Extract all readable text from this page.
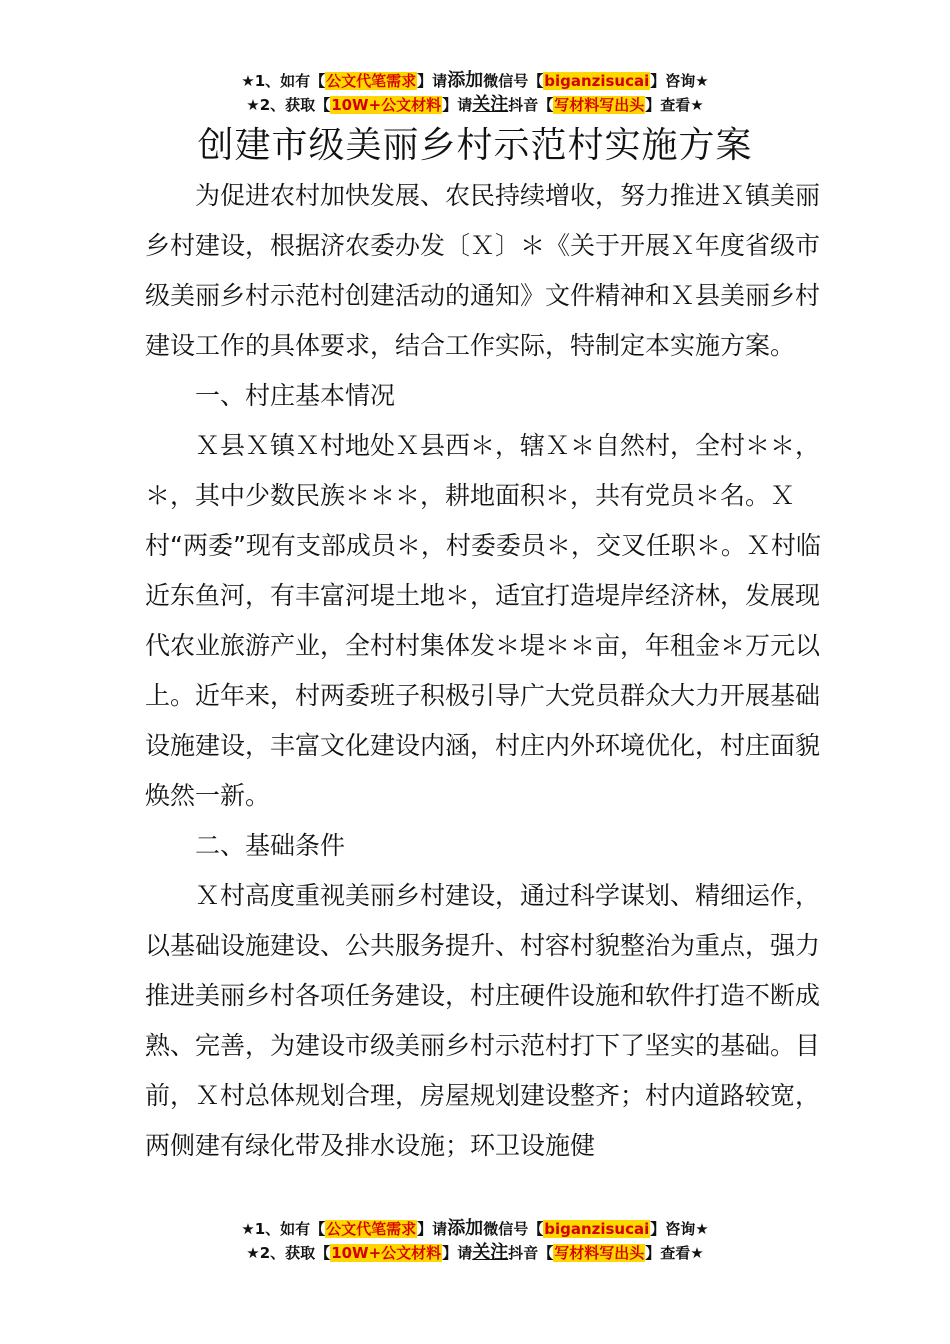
★1、如有【公文代笔需求】请添加微信号【biganzisucai】咨询★
★2、获取【10W+公文材料】请关注抖音【写材料写出头】查看★
创建市级美丽乡村示范村实施方案

为促进农村加快发展、农民持续增收，努力推进Ｘ镇美丽乡村建设，根据济农委办发〔Ｘ〕＊《关于开展Ｘ年度省级市级美丽乡村示范村创建活动的通知》文件精神和Ｘ县美丽乡村建设工作的具体要求，结合工作实际，特制定本实施方案。

一、村庄基本情况

Ｘ县Ｘ镇Ｘ村地处Ｘ县西＊，辖Ｘ＊自然村，全村＊＊，＊，其中少数民族＊＊＊，耕地面积＊，共有党员＊名。Ｘ村“两委”现有支部成员＊，村委委员＊，交叉任职＊。Ｘ村临近东鱼河，有丰富河堤土地＊，适宜打造堤岸经济林，发展现代农业旅游产业，全村村集体发＊堤＊＊亩，年租金＊万元以上。近年来，村两委班子积极引导广大党员群众大力开展基础设施建设，丰富文化建设内涵，村庄内外环境优化，村庄面貌焕然一新。

二、基础条件

Ｘ村高度重视美丽乡村建设，通过科学谋划、精细运作，以基础设施建设、公共服务提升、村容村貌整治为重点，强力推进美丽乡村各项任务建设，村庄硬件设施和软件打造不断成熟、完善，为建设市级美丽乡村示范村打下了坚实的基础。目前，Ｘ村总体规划合理，房屋规划建设整齐；村内道路较宽，两侧建有绿化带及排水设施；环卫设施健

★1、如有【公文代笔需求】请添加微信号【biganzisucai】咨询★
★2、获取【10W+公文材料】请关注抖音【写材料写出头】查看★
